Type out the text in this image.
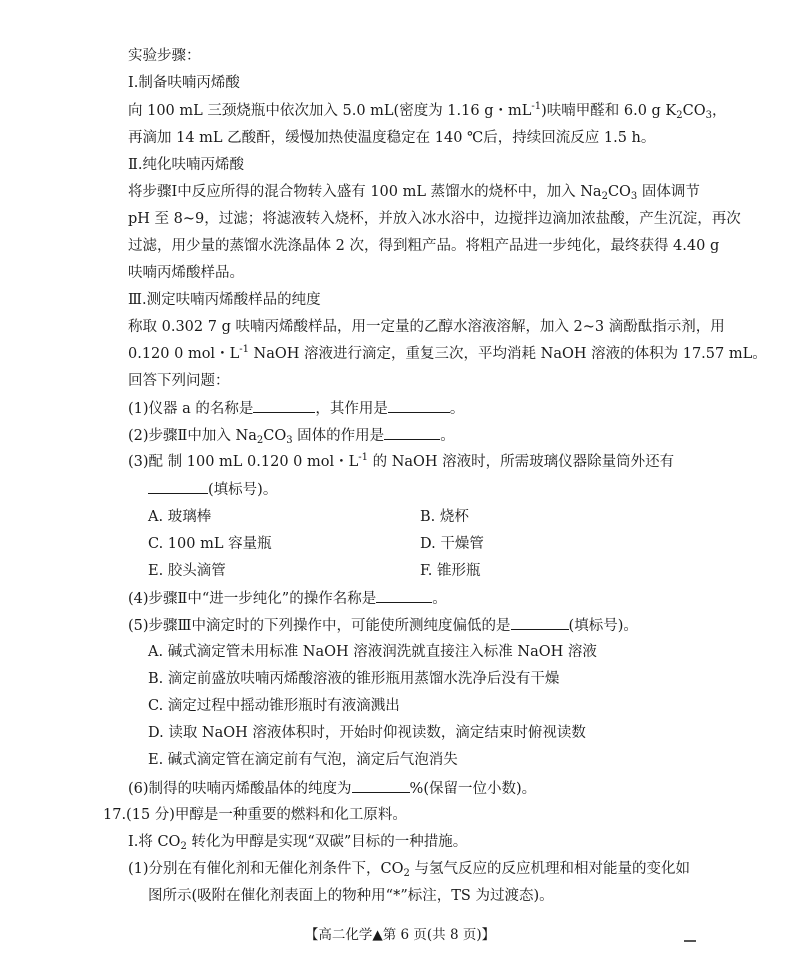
实验步骤：
Ⅰ.制备呋喃丙烯酸
向 100 mL 三颈烧瓶中依次加入 5.0 mL(密度为 1.16 g・$mL^{-1}$)呋喃甲醛和 6.0 g $K_2CO_3$，
再滴加 14 mL 乙酸酐，缓慢加热使温度稳定在 140 ℃后，持续回流反应 1.5 h。
Ⅱ.纯化呋喃丙烯酸
将步骤Ⅰ中反应所得的混合物转入盛有 100 mL 蒸馏水的烧杯中，加入 $Na_2CO_3$ 固体调节
pH 至 8~9，过滤；将滤液转入烧杯，并放入冰水浴中，边搅拌边滴加浓盐酸，产生沉淀，再次
过滤，用少量的蒸馏水洗涤晶体 2 次，得到粗产品。将粗产品进一步纯化，最终获得 4.40 g
呋喃丙烯酸样品。
Ⅲ.测定呋喃丙烯酸样品的纯度
称取 0.302 7 g 呋喃丙烯酸样品，用一定量的乙醇水溶液溶解，加入 2~3 滴酚酞指示剂，用
0.120 0 mol・$L^{-1}$ NaOH 溶液进行滴定，重复三次，平均消耗 NaOH 溶液的体积为 17.57 mL。
回答下列问题：
(1)仪器 a 的名称是	，其作用是	。
(2)步骤Ⅱ中加入 $Na_2CO_3$ 固体的作用是	。
(3)配 制 100 mL 0.120 0 mol・$L^{-1}$ 的 NaOH 溶液时，所需玻璃仪器除量筒外还有
(填标号)。
A. 玻璃棒	B. 烧杯
C. 100 mL 容量瓶	D. 干燥管
E. 胶头滴管	F. 锥形瓶
(4)步骤Ⅱ中“进一步纯化”的操作名称是	。
(5)步骤Ⅲ中滴定时的下列操作中，可能使所测纯度偏低的是	(填标号)。
A. 碱式滴定管未用标准 NaOH 溶液润洗就直接注入标准 NaOH 溶液
B. 滴定前盛放呋喃丙烯酸溶液的锥形瓶用蒸馏水洗净后没有干燥
C. 滴定过程中摇动锥形瓶时有液滴溅出
D. 读取 NaOH 溶液体积时，开始时仰视读数，滴定结束时俯视读数
E. 碱式滴定管在滴定前有气泡，滴定后气泡消失
(6)制得的呋喃丙烯酸晶体的纯度为	%(保留一位小数)。
17.(15 分)甲醇是一种重要的燃料和化工原料。
Ⅰ.将 $CO_2$ 转化为甲醇是实现“双碳”目标的一种措施。
(1)分别在有催化剂和无催化剂条件下，$CO_2$ 与氢气反应的反应机理和相对能量的变化如
图所示(吸附在催化剂表面上的物种用“*”标注，TS 为过渡态)。
【高二化学▲第 6 页(共 8 页)】
